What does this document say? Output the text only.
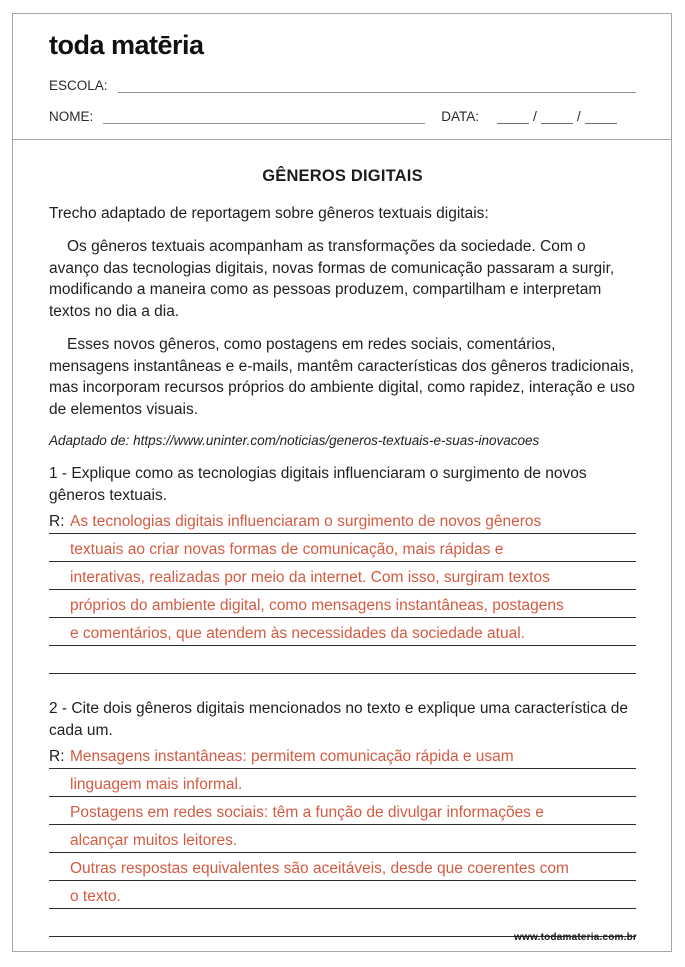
toda matēria
ESCOLA:
NOME:	DATA:	/	/
GÊNEROS DIGITAIS

Trecho adaptado de reportagem sobre gêneros textuais digitais:

Os gêneros textuais acompanham as transformações da sociedade. Com o avanço das tecnologias digitais, novas formas de comunicação passaram a surgir, modificando a maneira como as pessoas produzem, compartilham e interpretam textos no dia a dia.

Esses novos gêneros, como postagens em redes sociais, comentários, mensagens instantâneas e e-mails, mantêm características dos gêneros tradicionais, mas incorporam recursos próprios do ambiente digital, como rapidez, interação e uso de elementos visuais.

Adaptado de: https://www.uninter.com/noticias/generos-textuais-e-suas-inovacoes

1 - Explique como as tecnologias digitais influenciaram o surgimento de novos gêneros textuais.

R: As tecnologias digitais influenciaram o surgimento de novos gêneros
textuais ao criar novas formas de comunicação, mais rápidas e
interativas, realizadas por meio da internet. Com isso, surgiram textos
próprios do ambiente digital, como mensagens instantâneas, postagens
e comentários, que atendem às necessidades da sociedade atual.

2 - Cite dois gêneros digitais mencionados no texto e explique uma característica de cada um.

R: Mensagens instantâneas: permitem comunicação rápida e usam
linguagem mais informal.
Postagens em redes sociais: têm a função de divulgar informações e
alcançar muitos leitores.
Outras respostas equivalentes são aceitáveis, desde que coerentes com
o texto.
www.todamateria.com.br
